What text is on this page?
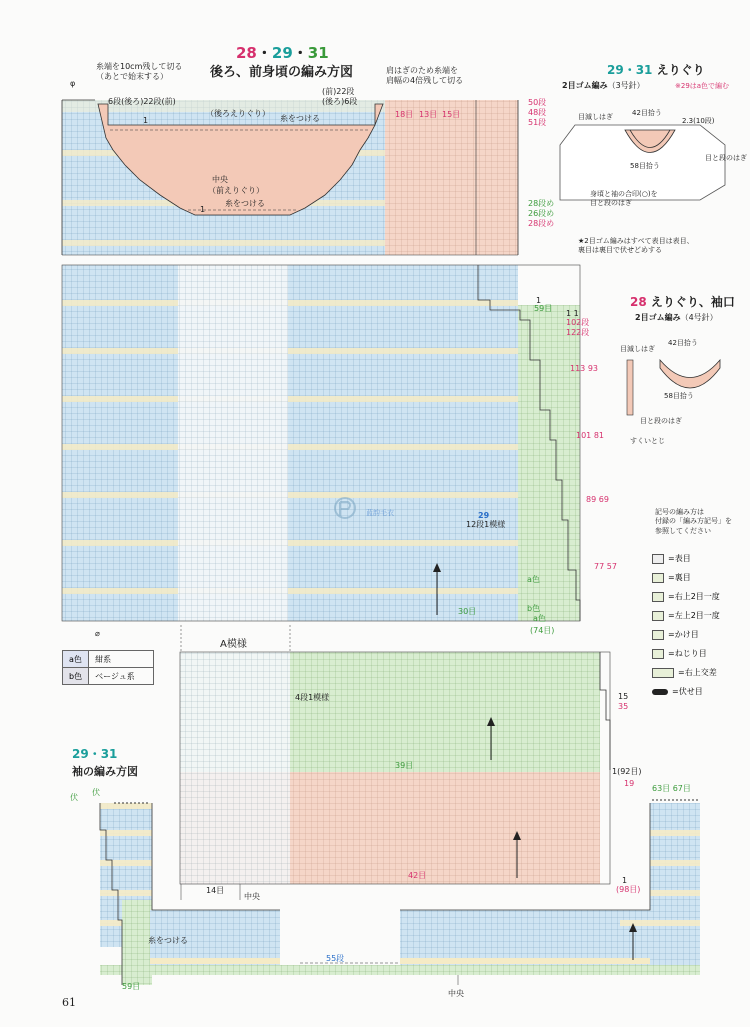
28・29・31
後ろ、前身頃の編み方図
糸端を10cm残して切る
（あとで始末する）
肩はぎのため糸端を
肩幅の4倍残して切る
6段(後ろ)22段(前)
(前)22段
(後ろ)6段
（後ろえりぐり）
糸をつける
中央
（前えりぐり）
糸をつける
φ
1
1
18目 13目 15目
50段
48段
51段
28段め
26段め
28段め
1
59目
1 1
102段
122段
113 93
101 81
89 69
77 57
29
12段1模様
a色
b色
a色
(74目)
30目
29・31 えりぐり
2目ゴム編み（3号針）	※29はa色で編む
目減しはぎ	42目拾う
58目拾う
2.3(10段)
目と段のはぎ
身頃と袖の合印(○)を
目と段のはぎ
★2目ゴム編みはすべて表目は表目、
裏目は裏目で伏せどめする
28 えりぐり、袖口
2目ゴム編み（4号針）
目減しはぎ
42目拾う
58目拾う
目と段のはぎ
すくいとじ
記号の編み方は
付録の「編み方記号」を
参照してください
=表目
=裏目
=右上2目一度
=左上2目一度
=かけ目
=ねじり目
=右上交差
=伏せ目
⌀
a色	紺系
b色	ベージュ系
A模様
4段1模様
39目
42目
14目
中央
15
35
1(92目)
19
1
(98目)
29・31
袖の編み方図
伏
伏
糸をつける
55段
59目
63目 67目
中央
61
蓝韵毛衣
